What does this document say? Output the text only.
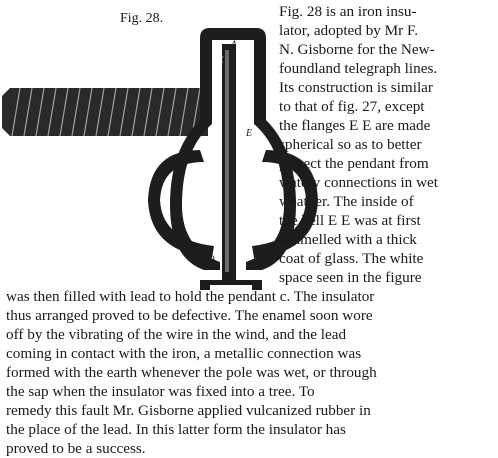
Fig. 28.
A
C
E	E
D
Fig. 28 is an iron insu-
lator, adopted by Mr F.
N. Gisborne for the New-
foundland telegraph lines.
Its construction is similar
to that of fig. 27, except
the flanges E E are made
spherical so as to better
protect the pendant from
watery connections in wet
weather. The inside of
the bell E E was at first
enamelled with a thick
coat of glass. The white
space seen in the figure
was then filled with lead to hold the pendant c. The insulator
thus arranged proved to be defective. The enamel soon wore
off by the vibrating of the wire in the wind, and the lead
coming in contact with the iron, a metallic connection was
formed with the earth whenever the pole was wet, or through
the sap when the insulator was fixed into a tree. To
remedy this fault Mr. Gisborne applied vulcanized rubber in
the place of the lead. In this latter form the insulator has
proved to be a success.
